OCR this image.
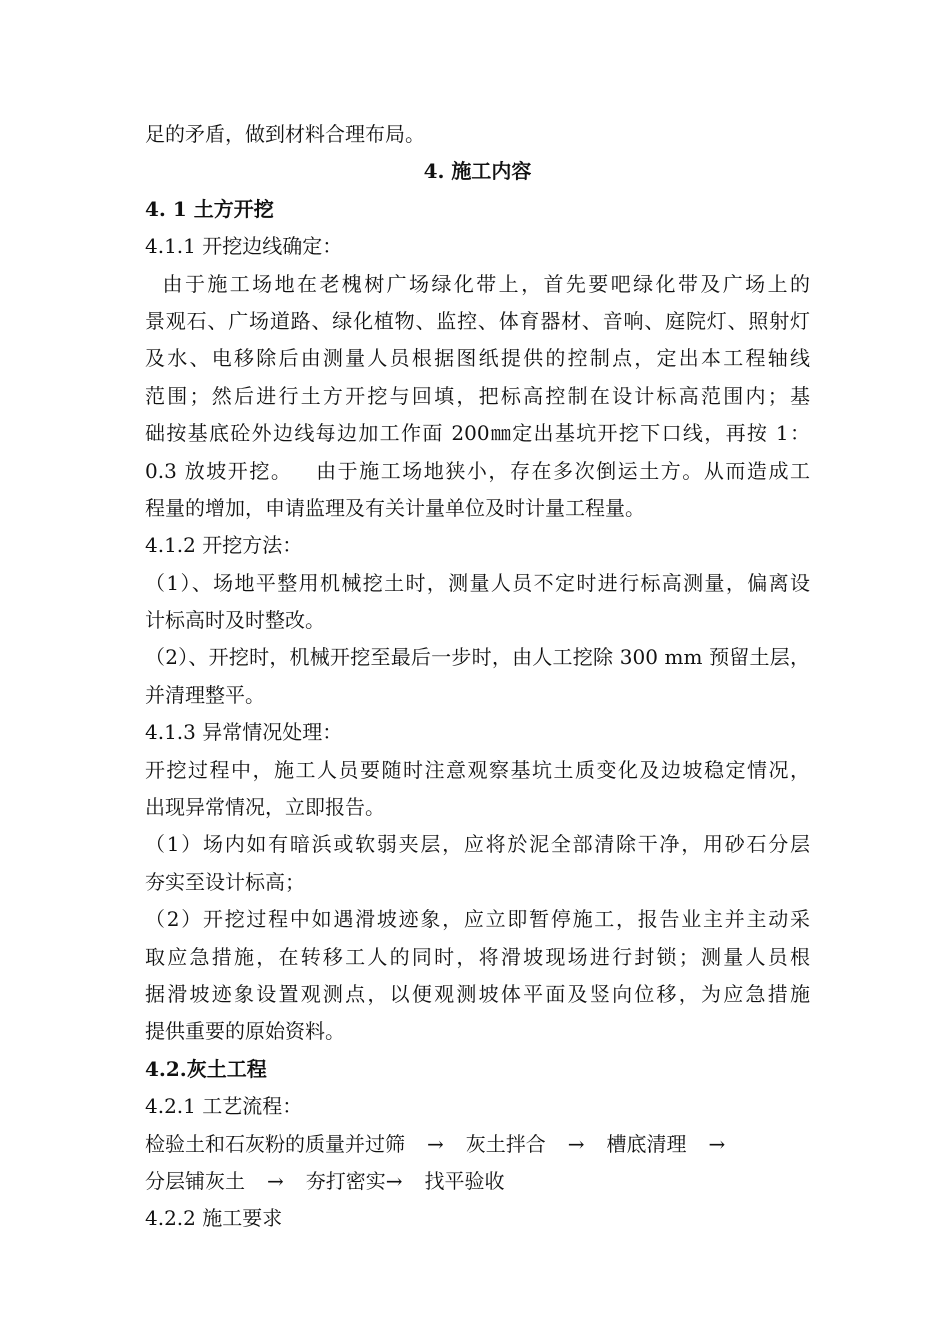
足的矛盾，做到材料合理布局。
4. 施工内容
4. 1 土方开挖
4.1.1 开挖边线确定：
由于施工场地在老槐树广场绿化带上，首先要吧绿化带及广场上的
景观石、广场道路、绿化植物、监控、体育器材、音响、庭院灯、照射灯
及水、电移除后由测量人员根据图纸提供的控制点，定出本工程轴线
范围；然后进行土方开挖与回填，把标高控制在设计标高范围内；基
础按基底砼外边线每边加工作面 200㎜定出基坑开挖下口线，再按 1：
0.3 放坡开挖。   由于施工场地狭小，存在多次倒运土方。从而造成工
程量的增加，申请监理及有关计量单位及时计量工程量。
4.1.2 开挖方法：
（1）、场地平整用机械挖土时，测量人员不定时进行标高测量，偏离设
计标高时及时整改。
（2）、开挖时，机械开挖至最后一步时，由人工挖除 300 mm 预留土层，
并清理整平。
4.1.3 异常情况处理：
开挖过程中，施工人员要随时注意观察基坑土质变化及边坡稳定情况，
出现异常情况，立即报告。
（1）场内如有暗浜或软弱夹层，应将於泥全部清除干净，用砂石分层
夯实至设计标高；
（2）开挖过程中如遇滑坡迹象，应立即暂停施工，报告业主并主动采
取应急措施，在转移工人的同时，将滑坡现场进行封锁；测量人员根
据滑坡迹象设置观测点，以便观测坡体平面及竖向位移，为应急措施
提供重要的原始资料。
4.2.灰土工程
4.2.1 工艺流程：
检验土和石灰粉的质量并过筛	→	灰土拌合	→	槽底清理	→
分层铺灰土	→	夯打密实 →	找平验收
4.2.2 施工要求
